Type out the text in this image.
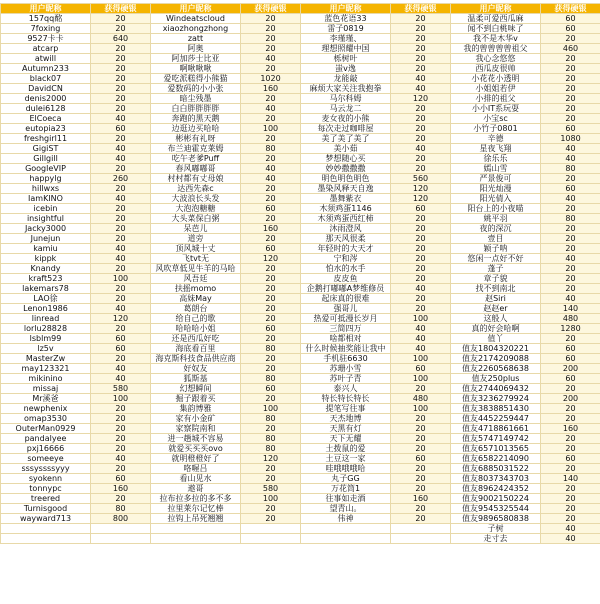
用户昵称	获得硬银	用户昵称	获得硬银	用户昵称	获得硬银	用户昵称	获得硬银
157qq酩	20	Windeatscloud	20	蓝色花语33	20	温柔可爱西瓜麻	60
7foxing	20	xiaozhongzhong	20	雷子0819	20	闻不到白桃味了	60
9527卡卡	640	zatt	20	李瑾瑾、	20	我不是木华v	20
atcarp	20	阿奥	20	理想照耀中国	20	我的曾曾曾曾祖父	460
atwill	20	阿加莎士比亚	40	栎树叶	20	我心念悠悠	20
Autumn233	20	啊啾啾啾	20	蚩v逸	20	西瓜皮很帅	20
black07	20	爱吃派糕得小熊猫	1020	龙能敲	40	小花花小透明	20
DavidCN	20	爱数码的小小张	160	麻烦大家关注我抱拳	40	小姐姐若伊	20
denis2000	20	暗尘残墨	20	马尔科姆	120	小排的祖父	20
dulei6128	20	白白胖胖胖胖	40	马云龙二	20	小小IT系玩耍	20
ElCoeca	40	奔跑的黑天鹅	20	麦女夜的小熊	20	小宝sc	20
eutopia23	60	边逛边买哈哈	100	每次走过咖啡屋	20	小竹子0801	60
freshgirl11	20	彬彬有礼呀	20	美了美了美了	20	辛德	1080
GigiST	40	布兰迪霍克莱姆	80	美小茹	40	星夜飞翔	40
Gillgill	40	吃午老爹Puff	20	梦想随心买	20	徐乐乐	40
GoogleVIP	20	春风嘟嘟哥	40	妙妙撒撒撒	20	嫣山雪	80
happylg	260	村村都有丈母娘	40	明色明色明色	560	严景俊可	20
hillwxs	20	达西先森c	20	墨染风释天自逸	120	阳光灿漫	60
IamKINO	40	大波浪长头发	20	墨舞紫衣	120	阳光倩入	40
icebin	20	大泡泡糖糖	60	木须鸡蛋1146	60	阳台上的小夜喵	20
insightful	20	大头菜保白粥	20	木须鸡蛋西红柿	20	姚平羽	80
Jacky3000	20	呆芭儿	160	沐雨澄风	20	夜的深沉	20
Junejun	20	道旁	20	那天风很柔	20	壹目	20
kamiu	40	顶风城十丈	60	年轻时的大天才	20	颖子呐	20
kippk	40	飞tvt无	120	宁和涔	20	悠闲一点好不好	40
Knandy	20	风吹草低见牛羊的马哈	20	怕水的水手	20	蓬子	20
kraft523	100	风吾廷	20	皮皮鱼	20	章子貌	20
lakemars78	20	扶摇momo	20	企鹅打嘟嘟A梦维修员	40	找不到南北	20
LAO徐	20	高妹May	20	起床真的很难	20	赵Siri	40
Lenon1986	40	葛朗台	20	强哥儿	20	赵赵er	140
linread	120	给自己的歌	20	热爱可抵漫长岁月	100	这般人	480
lorlu28828	20	哈哈哈小姐	60	三简四万	40	真的好会哈啊	1280
lsblm99	60	还是西瓜好吃	20	啥都相对	40	值丫	20
lz5v	60	海底看百里	80	什么时候抽奖能让我中	40	值友1804320221	60
MasterZw	20	海克斯科技食品供应商	20	手机驻6630	100	值友2174209088	60
may123321	40	好奴友	20	苏珊小雪	60	值友2260568638	200
mikinino	40	狐斯基	80	苏叶子青	100	值友250plus	60
missaj	580	幻想瞬间	60	泰兴人	20	值友2744069432	20
Mr溪爸	100	掘子跟着买	20	特长特长特长	480	值友3236279924	200
newphenix	20	集韵博雅	100	提笔写往事	100	值友3838851430	20
omap3530	20	家有小金矿	80	天杰地博	20	值友4452259447	20
OuterMan0929	20	家察院南和	20	天黑有灯	20	值友4718861661	160
pandalyee	20	进一趟城不容易	80	天下无耀	20	值友5747149742	20
pxj16666	20	就爱买买买ovo	80	土拨鼠的爱	20	值友6571013565	20
someeye	40	就明橙橙好了	120	土豆这一家	60	值友6582214090	60
sssyssssyyy	20	咯喔吕	20	哇哦哦哦哈	20	值友6885031522	20
syokenn	60	看山见水	20	丸子GG	20	值友8037343703	140
tonnypc	160	遨哥	580	万花筒1	20	值友8962424352	20
treered	20	拉布拉多拉的多不多	100	往事如走酒	160	值友9002150224	20
Turnisgood	80	拉里莱尔记忆棒	20	望青山。	20	值友9545325544	20
wayward713	800	拉钩上吊死翘翘	20	伟神	20	值友9896580838	20
						子树	40
						走寸去	40
